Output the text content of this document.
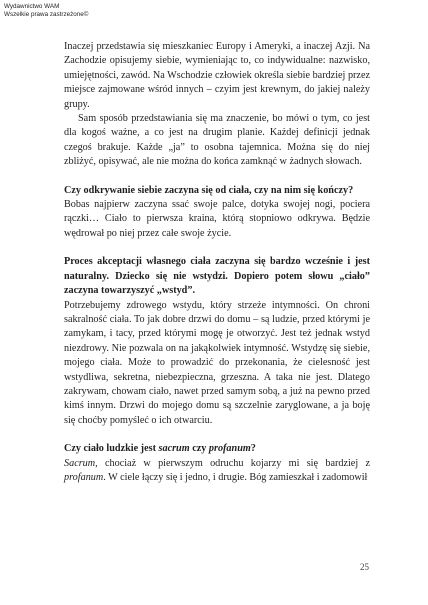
Wydawnictwo WAM
Wszelkie prawa zastrzeżone©

Inaczej przedstawia się mieszkaniec Europy i Ameryki, a inaczej Azji. Na Zachodzie opisujemy siebie, wymieniając to, co indywidualne: nazwisko, umiejętności, zawód. Na Wschodzie człowiek określa siebie bardziej przez miejsce zajmowane wśród innych – czyim jest krewnym, do jakiej należy grupy.

Sam sposób przedstawiania się ma znaczenie, bo mówi o tym, co jest dla kogoś ważne, a co jest na drugim planie. Każdej definicji jednak czegoś brakuje. Każde „ja” to osobna tajemnica. Można się do niej zbliżyć, opisywać, ale nie można do końca zamknąć w żadnych słowach.

Czy odkrywanie siebie zaczyna się od ciała, czy na nim się kończy?

Bobas najpierw zaczyna ssać swoje palce, dotyka swojej nogi, pociera rączki… Ciało to pierwsza kraina, którą stopniowo odkrywa. Będzie wędrował po niej przez całe swoje życie.

Proces akceptacji własnego ciała zaczyna się bardzo wcześnie i jest naturalny. Dziecko się nie wstydzi. Dopiero potem słowu „ciało” zaczyna towarzyszyć „wstyd”.

Potrzebujemy zdrowego wstydu, który strzeże intymności. On chroni sakralność ciała. To jak dobre drzwi do domu – są ludzie, przed którymi je zamykam, i tacy, przed którymi mogę je otworzyć. Jest też jednak wstyd niezdrowy. Nie pozwala on na jakąkolwiek intymność. Wstydzę się siebie, mojego ciała. Może to prowadzić do przekonania, że cielesność jest wstydliwa, sekretna, niebezpieczna, grzeszna. A taka nie jest. Dlatego zakrywam, chowam ciało, nawet przed samym sobą, a już na pewno przed kimś innym. Drzwi do mojego domu są szczelnie zaryglowane, a ja boję się choćby pomyśleć o ich otwarciu.

Czy ciało ludzkie jest sacrum czy profanum?

Sacrum, chociaż w pierwszym odruchu kojarzy mi się bardziej z profanum. W ciele łączy się i jedno, i drugie. Bóg zamieszkał i zadomowił

25
